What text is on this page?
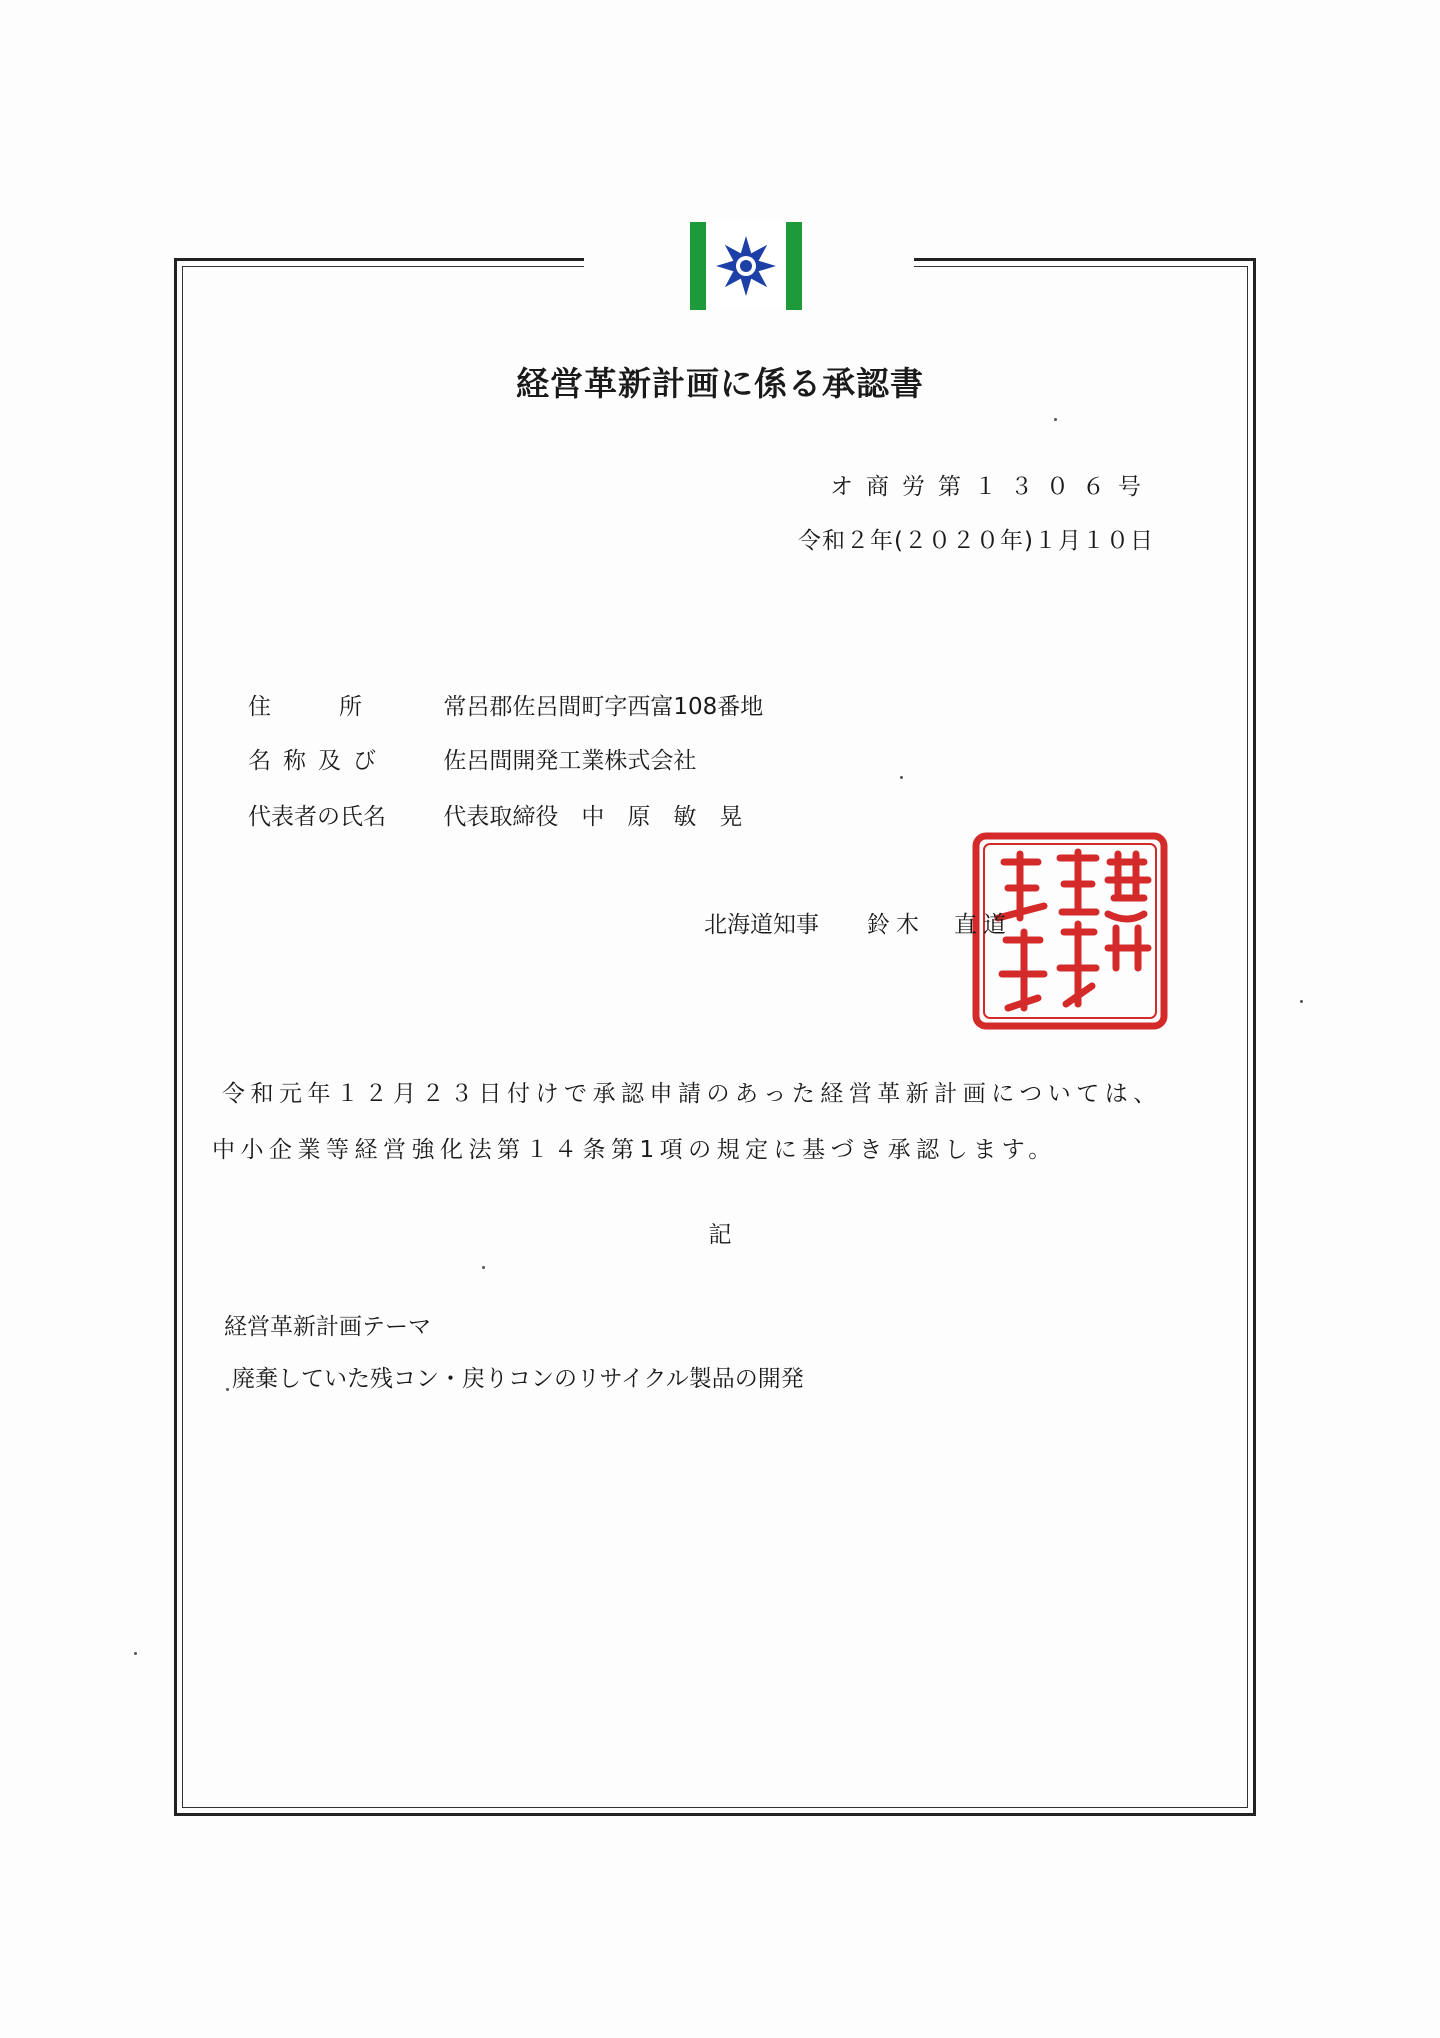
経営革新計画に係る承認書
オ商労第１３０６号
令和２年(２０２０年)１月１０日
住所 常呂郡佐呂間町字西富108番地
名称及び 佐呂間開発工業株式会社
代表者の氏名 代表取締役　中　原　敏　晃
北海道知事 鈴木　直道
令和元年１２月２３日付けで承認申請のあった経営革新計画については、
中小企業等経営強化法第１４条第1項の規定に基づき承認します。
記
経営革新計画テーマ
廃棄していた残コン・戻りコンのリサイクル製品の開発
